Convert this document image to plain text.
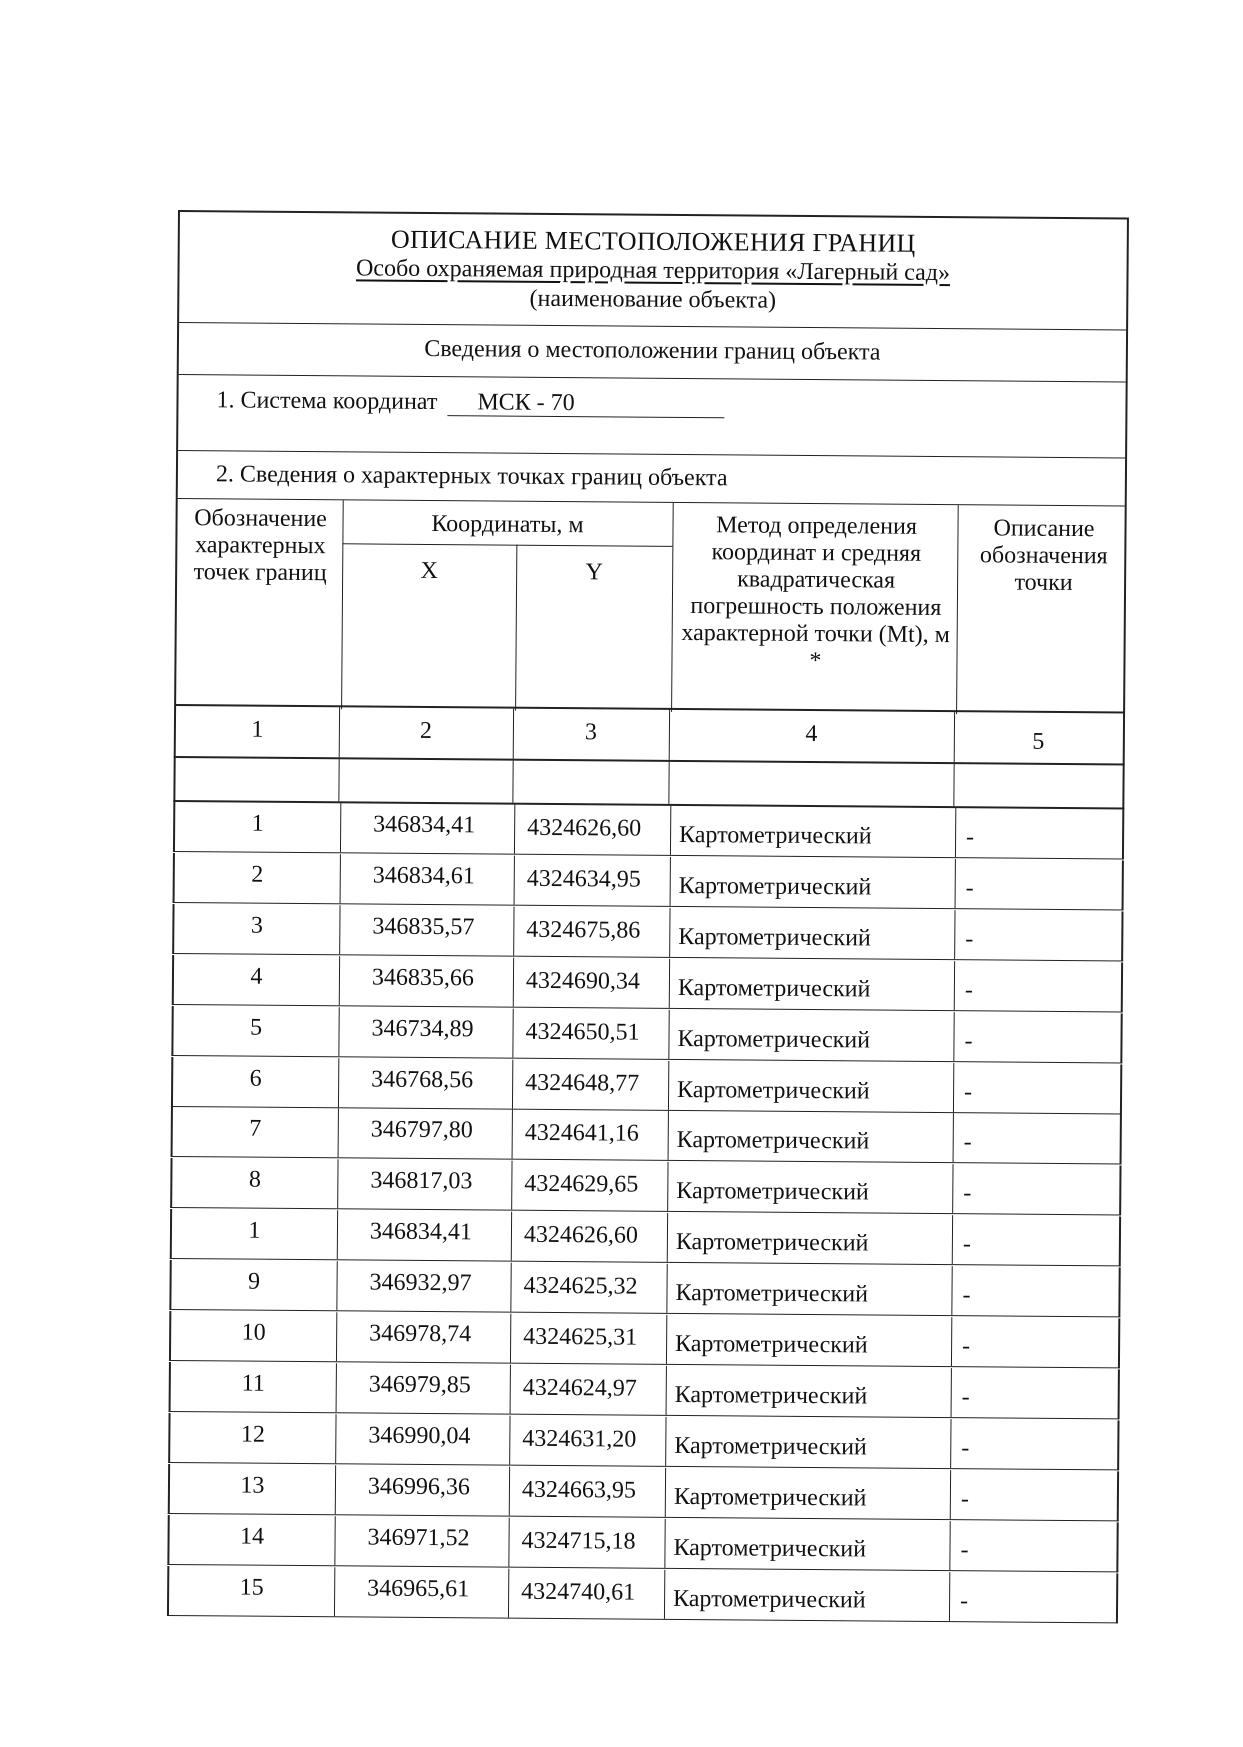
ОПИСАНИЕ МЕСТОПОЛОЖЕНИЯ ГРАНИЦ
Особо охраняемая природная территория «Лагерный сад»
(наименование объекта)
Сведения о местоположении границ объекта
1. Система координат МСК - 70
2. Сведения о характерных точках границ объекта
Обозначение характерных точек границ
Координаты, м
X	Y
Метод определения координат и средняя квадратическая погрешность положения характерной точки (Mt), м *
Описание обозначения точки
1	2	3	4	5
1	346834,41	4324626,60	Картометрический	-
2	346834,61	4324634,95	Картометрический	-
3	346835,57	4324675,86	Картометрический	-
4	346835,66	4324690,34	Картометрический	-
5	346734,89	4324650,51	Картометрический	-
6	346768,56	4324648,77	Картометрический	-
7	346797,80	4324641,16	Картометрический	-
8	346817,03	4324629,65	Картометрический	-
1	346834,41	4324626,60	Картометрический	-
9	346932,97	4324625,32	Картометрический	-
10	346978,74	4324625,31	Картометрический	-
11	346979,85	4324624,97	Картометрический	-
12	346990,04	4324631,20	Картометрический	-
13	346996,36	4324663,95	Картометрический	-
14	346971,52	4324715,18	Картометрический	-
15	346965,61	4324740,61	Картометрический	-
